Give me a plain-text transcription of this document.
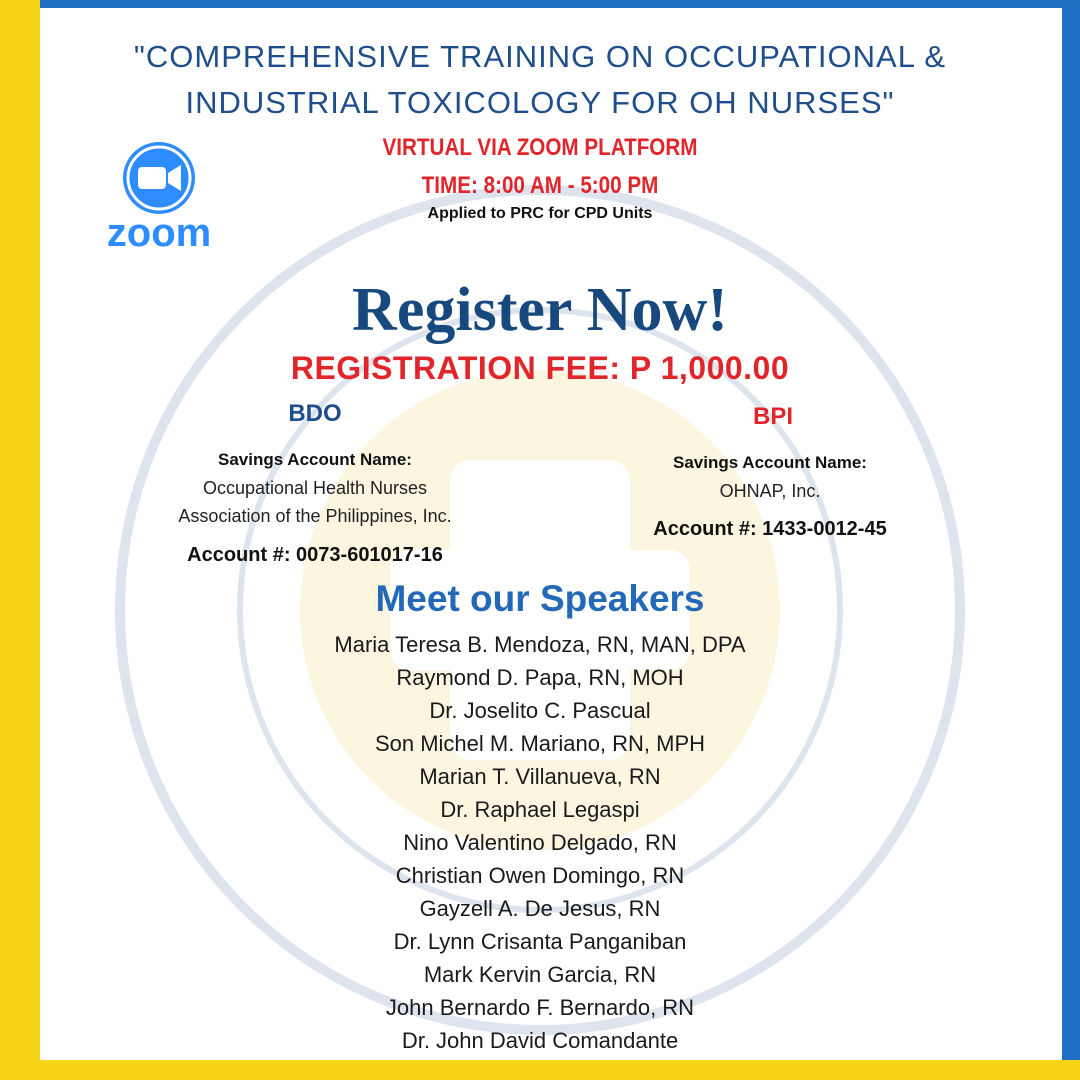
"COMPREHENSIVE TRAINING ON OCCUPATIONAL &
INDUSTRIAL TOXICOLOGY FOR OH NURSES"
zoom
VIRTUAL VIA ZOOM PLATFORM
TIME: 8:00 AM - 5:00 PM
Applied to PRC for CPD Units
Register Now!
REGISTRATION FEE: P 1,000.00
BDO
Savings Account Name:
Occupational Health Nurses
Association of the Philippines, Inc.
Account #: 0073-601017-16
BPI
Savings Account Name:
OHNAP, Inc.
Account #: 1433-0012-45
Meet our Speakers
Maria Teresa B. Mendoza, RN, MAN, DPA
Raymond D. Papa, RN, MOH
Dr. Joselito C. Pascual
Son Michel M. Mariano, RN, MPH
Marian T. Villanueva, RN
Dr. Raphael Legaspi
Nino Valentino Delgado, RN
Christian Owen Domingo, RN
Gayzell A. De Jesus, RN
Dr. Lynn Crisanta Panganiban
Mark Kervin Garcia, RN
John Bernardo F. Bernardo, RN
Dr. John David Comandante
